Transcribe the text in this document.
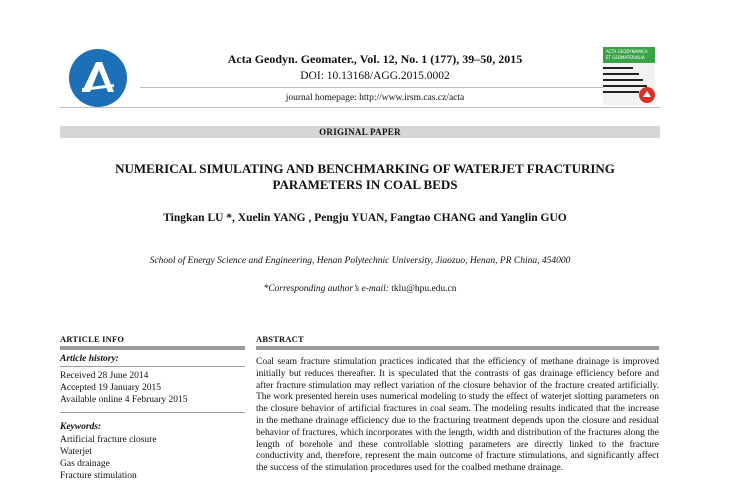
Acta Geodyn. Geomater., Vol. 12, No. 1 (177), 39–50, 2015
DOI: 10.13168/AGG.2015.0002
journal homepage: http://www.irsm.cas.cz/acta
ACTA GEODYNAMICA
ET GEOMATERIALIA
ORIGINAL PAPER
NUMERICAL SIMULATING AND BENCHMARKING OF WATERJET FRACTURING
PARAMETERS IN COAL BEDS
Tingkan LU *, Xuelin YANG , Pengju YUAN, Fangtao CHANG and Yanglin GUO
School of Energy Science and Engineering, Henan Polytechnic University, Jiaozuo, Henan, PR China, 454000
*Corresponding author’s e-mail: tklu@hpu.edu.cn
ARTICLE INFO
Article history:
Received 28 June 2014
Accepted 19 January 2015
Available online 4 February 2015
Keywords:
Artificial fracture closure
Waterjet
Gas drainage
Fracture stimulation
ABSTRACT
Coal seam fracture stimulation practices indicated that the efficiency of methane drainage is improved initially but reduces thereafter. It is speculated that the contrasts of gas drainage efficiency before and after fracture stimulation may reflect variation of the closure behavior of the fracture created artificially. The work presented herein uses numerical modeling to study the effect of waterjet slotting parameters on the closure behavior of artificial fractures in coal seam. The modeling results indicated that the increase in the methane drainage efficiency due to the fracturing treatment depends upon the closure and residual behavior of fractures, which incorporates with the length, width and distribution of the fractures along the length of borehole and these controllable slotting parameters are directly linked to the fracture conductivity and, therefore, represent the main outcome of fracture stimulations, and significantly affect the success of the stimulation procedures used for the coalbed methane drainage.
